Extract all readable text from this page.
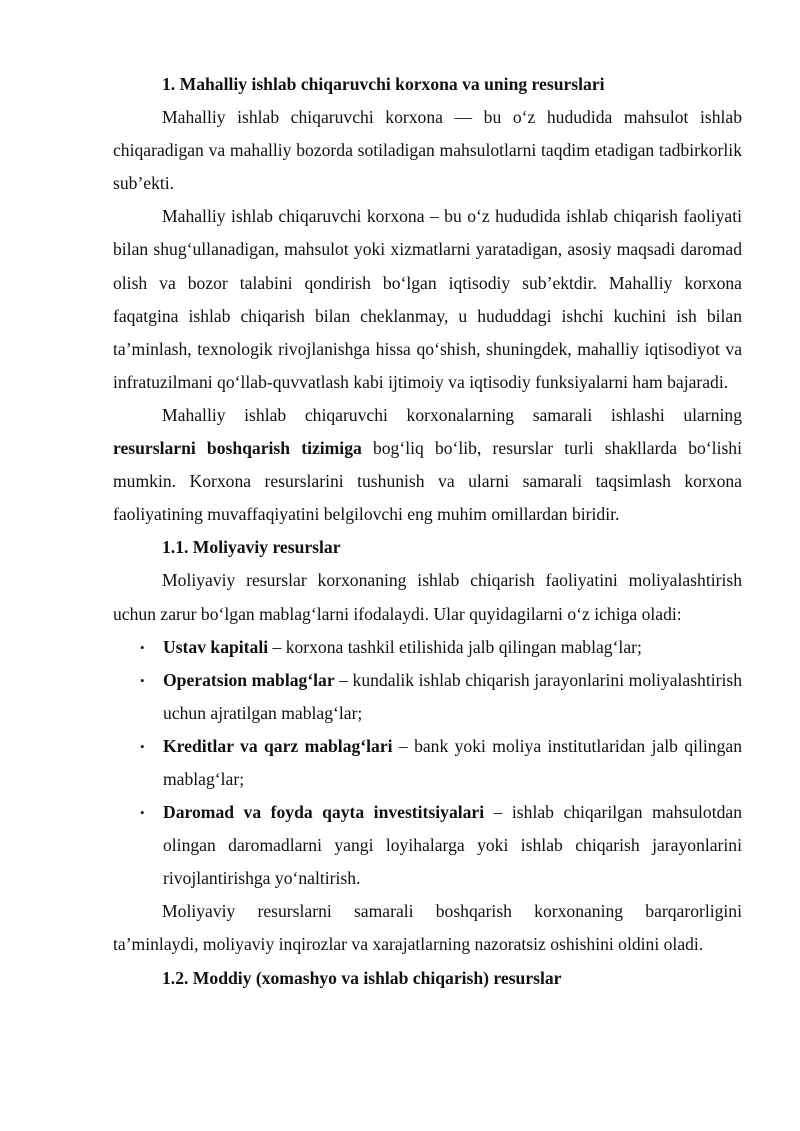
1. Mahalliy ishlab chiqaruvchi korxona va uning resurslari

Mahalliy ishlab chiqaruvchi korxona — bu o‘z hududida mahsulot ishlab chiqaradigan va mahalliy bozorda sotiladigan mahsulotlarni taqdim etadigan tadbirkorlik sub’ekti.

Mahalliy ishlab chiqaruvchi korxona – bu o‘z hududida ishlab chiqarish faoliyati bilan shug‘ullanadigan, mahsulot yoki xizmatlarni yaratadigan, asosiy maqsadi daromad olish va bozor talabini qondirish bo‘lgan iqtisodiy sub’ektdir. Mahalliy korxona faqatgina ishlab chiqarish bilan cheklanmay, u hududdagi ishchi kuchini ish bilan ta’minlash, texnologik rivojlanishga hissa qo‘shish, shuningdek, mahalliy iqtisodiyot va infratuzilmani qo‘llab-quvvatlash kabi ijtimoiy va iqtisodiy funksiyalarni ham bajaradi.

Mahalliy ishlab chiqaruvchi korxonalarning samarali ishlashi ularning resurslarni boshqarish tizimiga bog‘liq bo‘lib, resurslar turli shakllarda bo‘lishi mumkin. Korxona resurslarini tushunish va ularni samarali taqsimlash korxona faoliyatining muvaffaqiyatini belgilovchi eng muhim omillardan biridir.

1.1. Moliyaviy resurslar

Moliyaviy resurslar korxonaning ishlab chiqarish faoliyatini moliyalashtirish uchun zarur bo‘lgan mablag‘larni ifodalaydi. Ular quyidagilarni o‘z ichiga oladi:

• Ustav kapitali – korxona tashkil etilishida jalb qilingan mablag‘lar;
• Operatsion mablag‘lar – kundalik ishlab chiqarish jarayonlarini moliyalashtirish uchun ajratilgan mablag‘lar;
• Kreditlar va qarz mablag‘lari – bank yoki moliya institutlaridan jalb qilingan mablag‘lar;
• Daromad va foyda qayta investitsiyalari – ishlab chiqarilgan mahsulotdan olingan daromadlarni yangi loyihalarga yoki ishlab chiqarish jarayonlarini rivojlantirishga yo‘naltirish.

Moliyaviy resurslarni samarali boshqarish korxonaning barqarorligini ta’minlaydi, moliyaviy inqirozlar va xarajatlarning nazoratsiz oshishini oldini oladi.

1.2. Moddiy (xomashyo va ishlab chiqarish) resurslar
